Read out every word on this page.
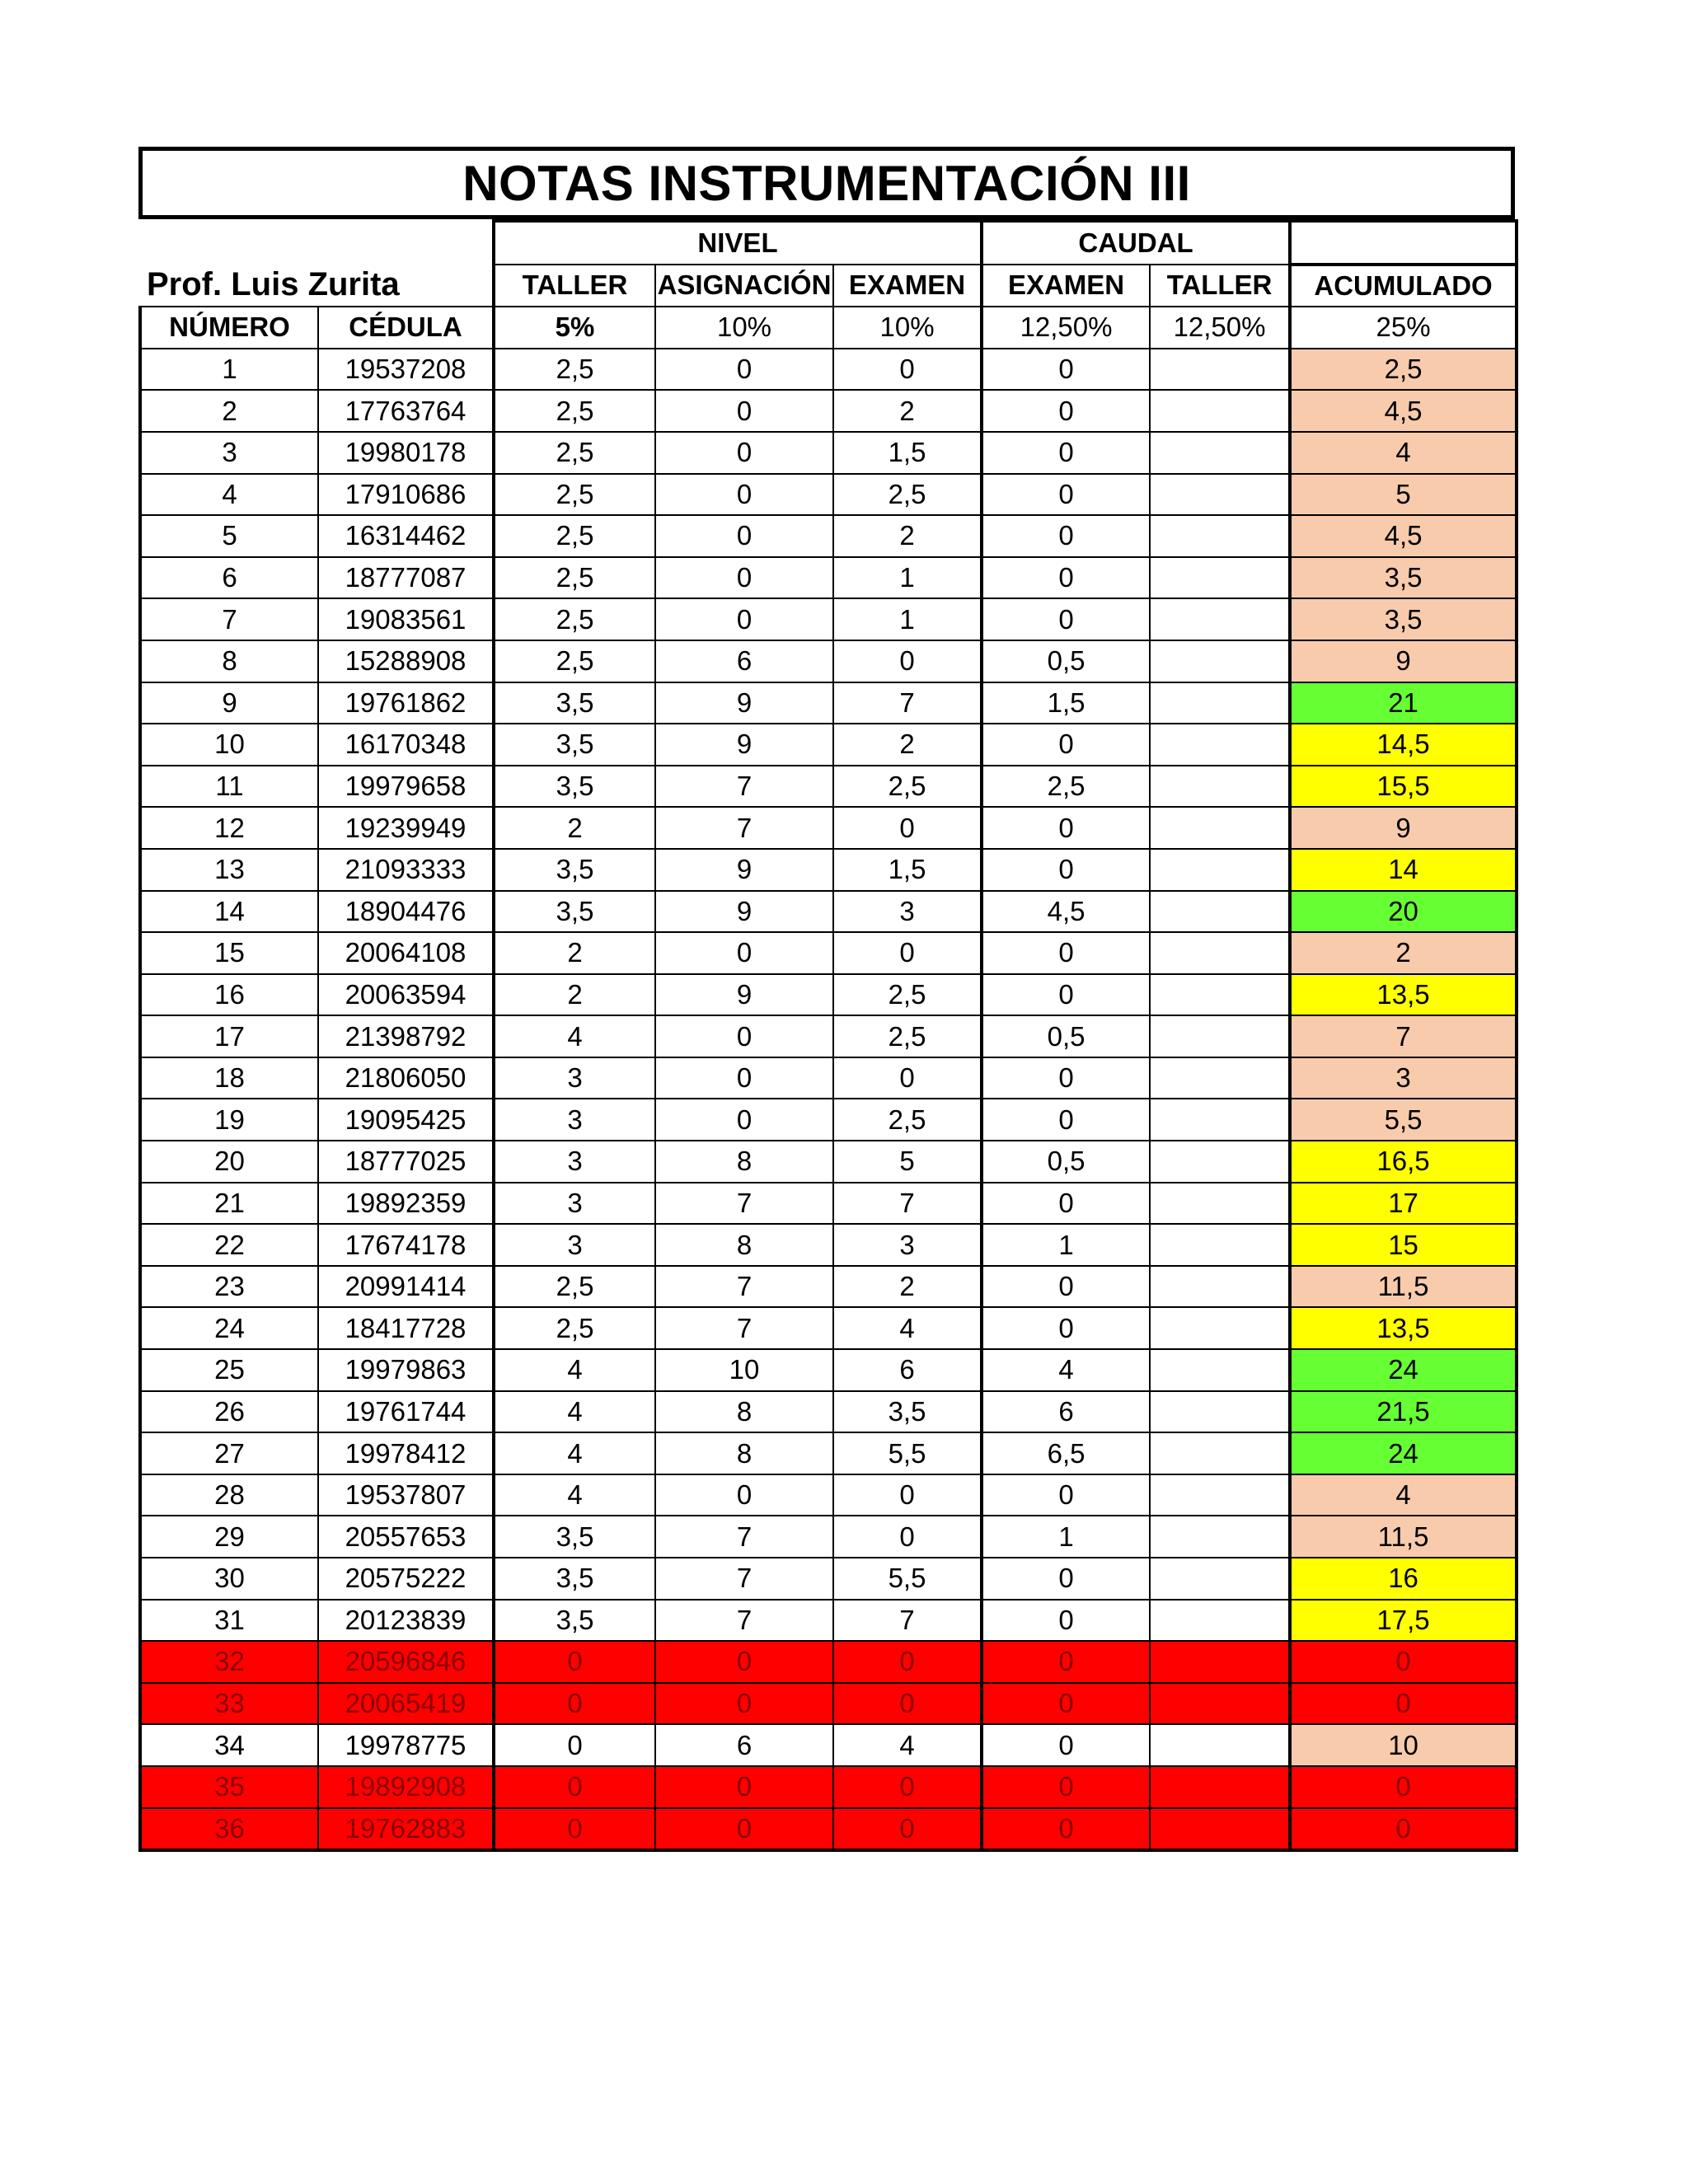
NOTAS INSTRUMENTACIÓN III
		NIVEL			CAUDAL		
Prof. Luis Zurita		TALLER	ASIGNACIÓN	EXAMEN	EXAMEN	TALLER	ACUMULADO
NÚMERO	CÉDULA	5%	10%	10%	12,50%	12,50%	25%
1	19537208	2,5	0	0	0		2,5
2	17763764	2,5	0	2	0		4,5
3	19980178	2,5	0	1,5	0		4
4	17910686	2,5	0	2,5	0		5
5	16314462	2,5	0	2	0		4,5
6	18777087	2,5	0	1	0		3,5
7	19083561	2,5	0	1	0		3,5
8	15288908	2,5	6	0	0,5		9
9	19761862	3,5	9	7	1,5		21
10	16170348	3,5	9	2	0		14,5
11	19979658	3,5	7	2,5	2,5		15,5
12	19239949	2	7	0	0		9
13	21093333	3,5	9	1,5	0		14
14	18904476	3,5	9	3	4,5		20
15	20064108	2	0	0	0		2
16	20063594	2	9	2,5	0		13,5
17	21398792	4	0	2,5	0,5		7
18	21806050	3	0	0	0		3
19	19095425	3	0	2,5	0		5,5
20	18777025	3	8	5	0,5		16,5
21	19892359	3	7	7	0		17
22	17674178	3	8	3	1		15
23	20991414	2,5	7	2	0		11,5
24	18417728	2,5	7	4	0		13,5
25	19979863	4	10	6	4		24
26	19761744	4	8	3,5	6		21,5
27	19978412	4	8	5,5	6,5		24
28	19537807	4	0	0	0		4
29	20557653	3,5	7	0	1		11,5
30	20575222	3,5	7	5,5	0		16
31	20123839	3,5	7	7	0		17,5
32	20596846	0	0	0	0		0
33	20065419	0	0	0	0		0
34	19978775	0	6	4	0		10
35	19892908	0	0	0	0		0
36	19762883	0	0	0	0		0
